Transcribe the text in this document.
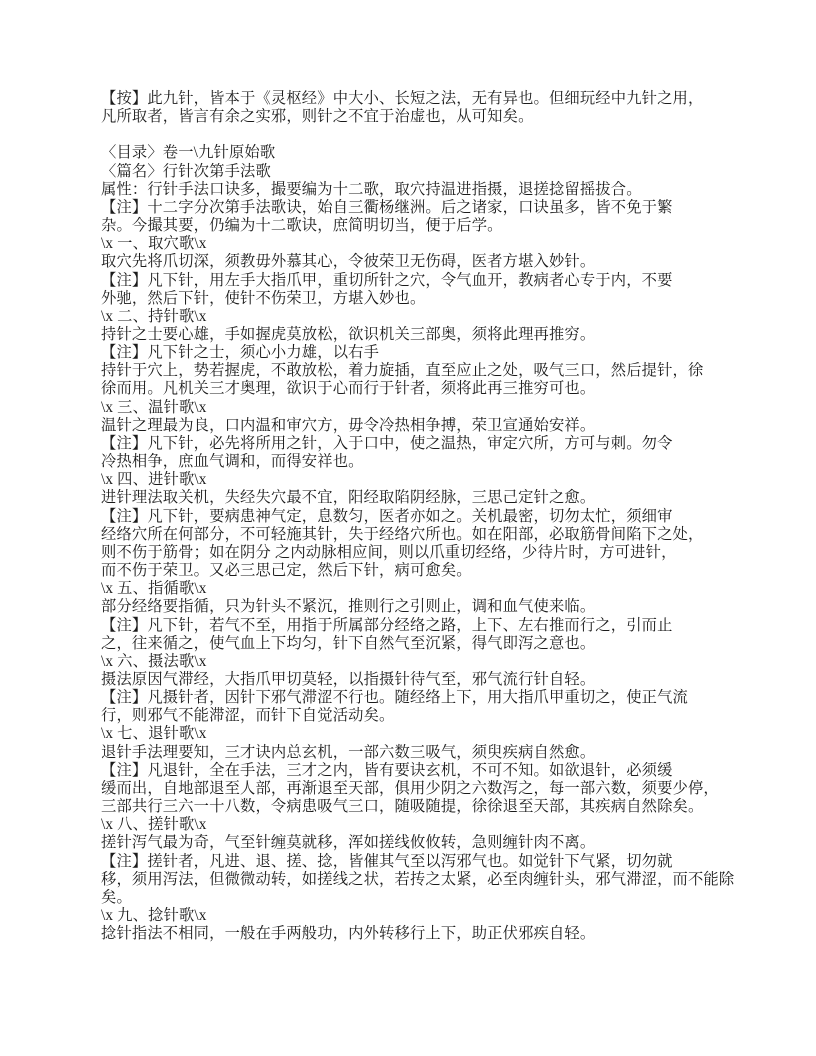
【按】此九针，皆本于《灵枢经》中大小、长短之法，无有异也。但细玩经中九针之用，
凡所取者，皆言有余之实邪，则针之不宜于治虚也，从可知矣。
〈目录〉卷一\九针原始歌
〈篇名〉行针次第手法歌
属性：行针手法口诀多，撮要编为十二歌，取穴持温进指摄，退搓捻留摇拔合。
【注】十二字分次第手法歌诀，始自三衢杨继洲。后之诸家，口诀虽多，皆不免于繁
杂。今撮其要，仍编为十二歌诀，庶简明切当，便于后学。
\x 一、取穴歌\x
取穴先将爪切深，须教毋外慕其心，令彼荣卫无伤碍，医者方堪入妙针。
【注】凡下针，用左手大指爪甲，重切所针之穴，令气血开，教病者心专于内，不要
外驰，然后下针，使针不伤荣卫，方堪入妙也。
\x 二、持针歌\x
持针之士要心雄，手如握虎莫放松，欲识机关三部奥，须将此理再推穷。
【注】凡下针之士，须心小力雄，以右手
持针于穴上，势若握虎，不敢放松，着力旋插，直至应止之处，吸气三口，然后提针，徐
徐而用。凡机关三才奥理，欲识于心而行于针者，须将此再三推穷可也。
\x 三、温针歌\x
温针之理最为良，口内温和审穴方，毋令冷热相争搏，荣卫宣通始安祥。
【注】凡下针，必先将所用之针，入于口中，使之温热，审定穴所，方可与刺。勿令
冷热相争，庶血气调和，而得安祥也。
\x 四、进针歌\x
进针理法取关机，失经失穴最不宜，阳经取陷阴经脉，三思己定针之愈。
【注】凡下针，要病患神气定，息数匀，医者亦如之。关机最密，切勿太忙，须细审
经络穴所在何部分，不可轻施其针，失于经络穴所也。如在阳部，必取筋骨间陷下之处，
则不伤于筋骨；如在阴分 之内动脉相应间，则以爪重切经络，少待片时，方可进针，
而不伤于荣卫。又必三思己定，然后下针，病可愈矣。
\x 五、指循歌\x
部分经络要指循，只为针头不紧沉，推则行之引则止，调和血气使来临。
【注】凡下针，若气不至，用指于所属部分经络之路，上下、左右推而行之，引而止
之，往来循之，使气血上下均匀，针下自然气至沉紧，得气即泻之意也。
\x 六、摄法歌\x
摄法原因气滞经，大指爪甲切莫轻，以指摄针待气至，邪气流行针自轻。
【注】凡摄针者，因针下邪气滞涩不行也。随经络上下，用大指爪甲重切之，使正气流
行，则邪气不能滞涩，而针下自觉活动矣。
\x 七、退针歌\x
退针手法理要知，三才诀内总玄机，一部六数三吸气，须臾疾病自然愈。
【注】凡退针，全在手法，三才之内，皆有要诀玄机，不可不知。如欲退针，必须缓
缓而出，自地部退至人部，再渐退至天部，俱用少阴之六数泻之，每一部六数，须要少停，
三部共行三六一十八数，令病患吸气三口，随吸随提，徐徐退至天部，其疾病自然除矣。
\x 八、搓针歌\x
搓针泻气最为奇，气至针缠莫就移，浑如搓线攸攸转，急则缠针肉不离。
【注】搓针者，凡进、退、搓、捻，皆催其气至以泻邪气也。如觉针下气紧，切勿就
移，须用泻法，但微微动转，如搓线之状，若抟之太紧，必至肉缠针头，邪气滞涩，而不能除
矣。
\x 九、捻针歌\x
捻针指法不相同，一般在手两般功，内外转移行上下，助正伏邪疾自轻。
